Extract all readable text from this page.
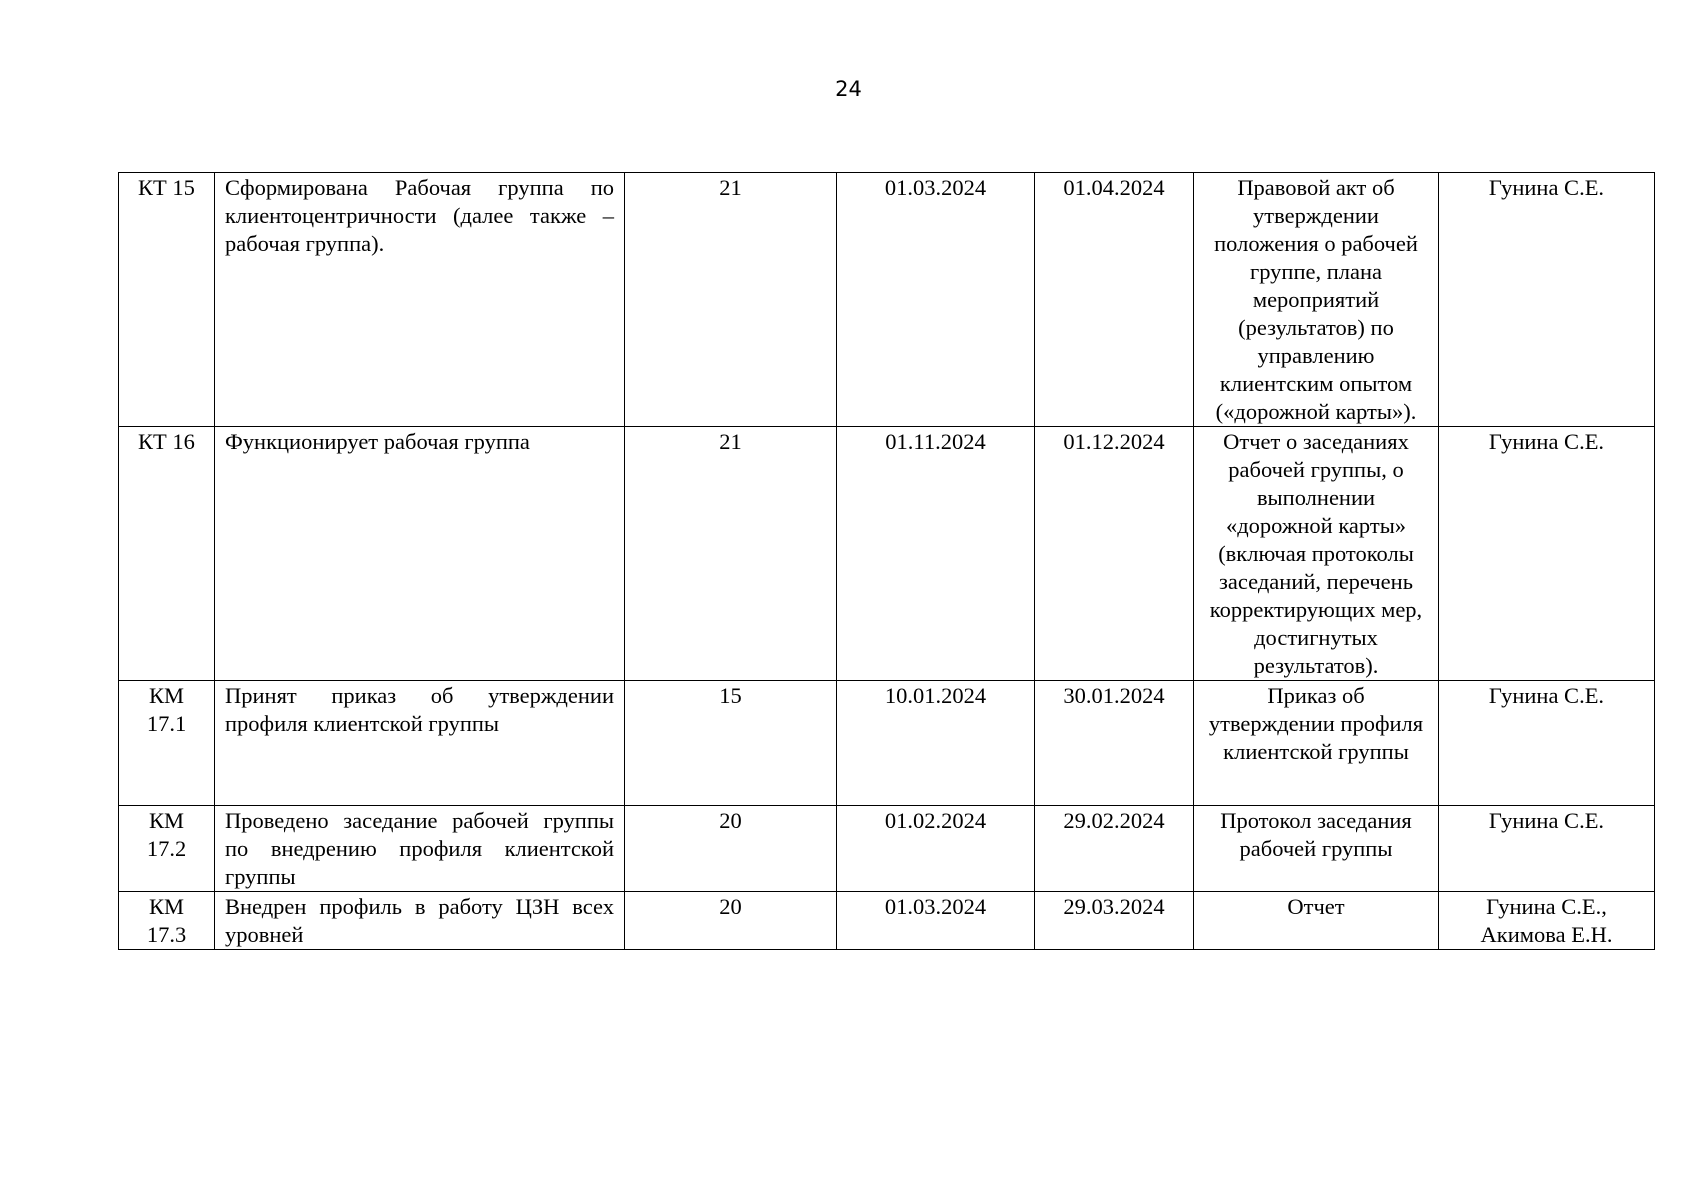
24
КТ 15	Сформирована Рабочая группа по клиентоцентричности (далее также – рабочая группа).	21	01.03.2024	01.04.2024	Правовой акт об утверждении положения о рабочей группе, плана мероприятий (результатов) по управлению клиентским опытом («дорожной карты»).	Гунина С.Е.
КТ 16	Функционирует рабочая группа	21	01.11.2024	01.12.2024	Отчет о заседаниях рабочей группы, о выполнении «дорожной карты» (включая протоколы заседаний, перечень корректирующих мер, достигнутых результатов).	Гунина С.Е.
КМ 17.1	Принят приказ об утверждении профиля клиентской группы	15	10.01.2024	30.01.2024	Приказ об утверждении профиля клиентской группы	Гунина С.Е.
КМ 17.2	Проведено заседание рабочей группы по внедрению профиля клиентской группы	20	01.02.2024	29.02.2024	Протокол заседания рабочей группы	Гунина С.Е.
КМ 17.3	Внедрен профиль в работу ЦЗН всех уровней	20	01.03.2024	29.03.2024	Отчет	Гунина С.Е., Акимова Е.Н.
